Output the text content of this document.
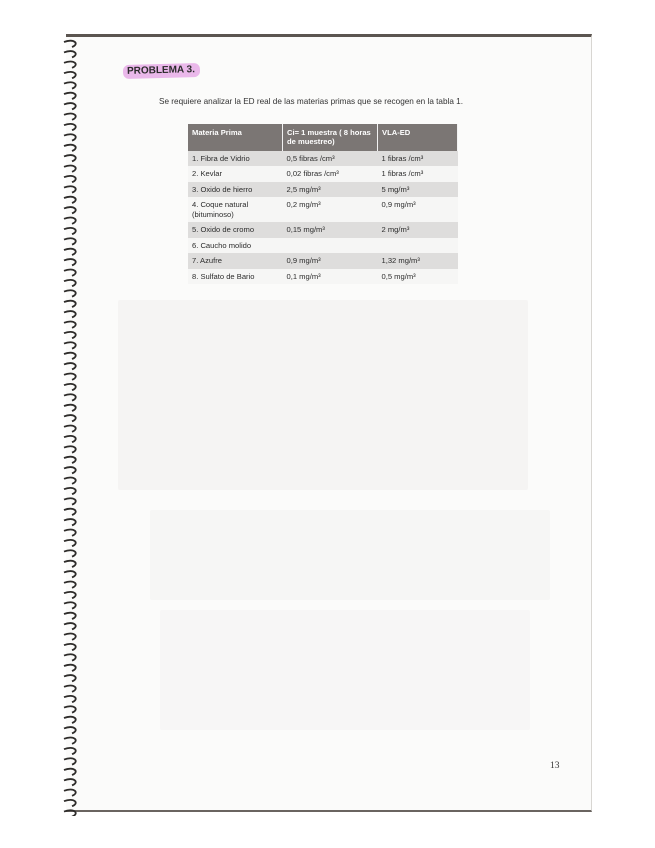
PROBLEMA 3.
Se requiere analizar la ED real de las materias primas que se recogen en la tabla 1.
Materia Prima	Ci= 1 muestra ( 8 horas de muestreo)	VLA-ED
1. Fibra de Vidrio	0,5 fibras /cm³	1 fibras /cm³
2. Kevlar	0,02 fibras /cm³	1 fibras /cm³
3. Oxido de hierro	2,5 mg/m³	5 mg/m³
4. Coque natural (bituminoso)	0,2 mg/m³	0,9 mg/m³
5. Oxido de cromo	0,15 mg/m³	2 mg/m³
6. Caucho molido		
7. Azufre	0,9 mg/m³	1,32 mg/m³
8. Sulfato de Bario	0,1 mg/m³	0,5 mg/m³
13
